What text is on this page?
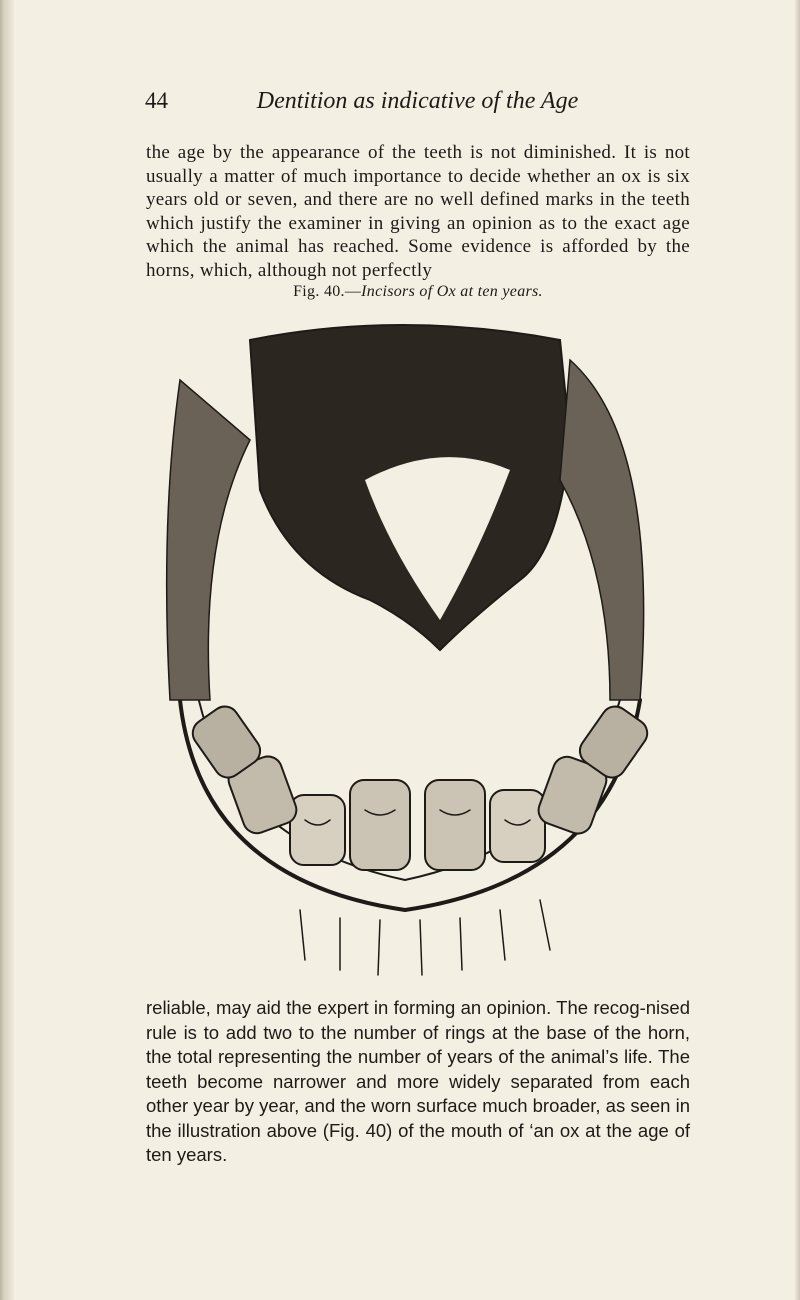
44	Dentition as indicative of the Age

the age by the appearance of the teeth is not diminished. It is not usually a matter of much importance to decide whether an ox is six years old or seven, and there are no well defined marks in the teeth which justify the examiner in giving an opinion as to the exact age which the animal has reached. Some evidence is afforded by the horns, which, although not perfectly

Fig. 40.—Incisors of Ox at ten years.

reliable, may aid the expert in forming an opinion. The recog-nised rule is to add two to the number of rings at the base of the horn, the total representing the number of years of the animal’s life. The teeth become narrower and more widely separated from each other year by year, and the worn surface much broader, as seen in the illustration above (Fig. 40) of the mouth of ‘an ox at the age of ten years.
